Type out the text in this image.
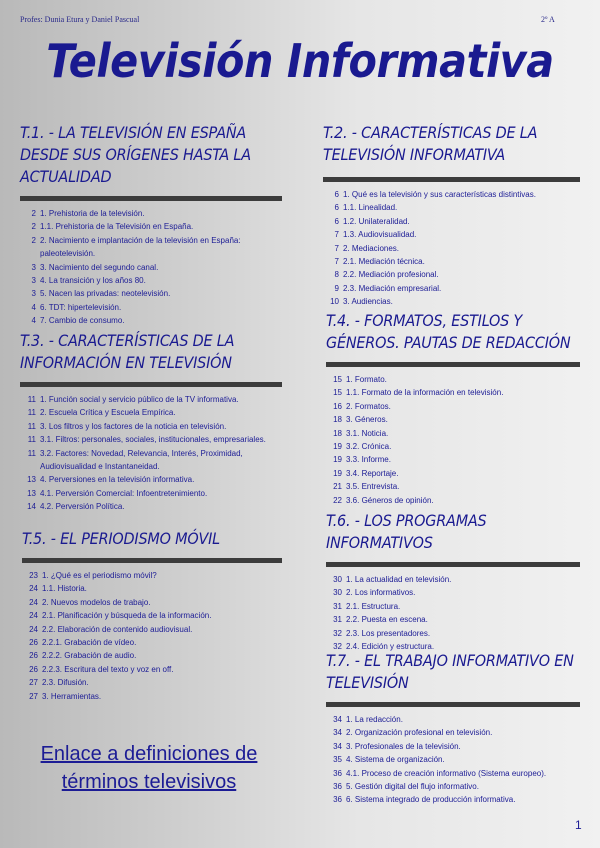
Profes: Dunia Etura y Daniel Pascual	2º A
Televisión Informativa
T.1. - LA TELEVISIÓN EN ESPAÑA DESDE SUS ORÍGENES HASTA LA ACTUALIDAD
2 1. Prehistoria de la televisión.
2 1.1. Prehistoria de la Televisión en España.
2 2. Nacimiento e implantación de la televisión en España: paleotelevisión.
3 3. Nacimiento del segundo canal.
3 4. La transición y los años 80.
3 5. Nacen las privadas: neotelevisión.
4 6. TDT: hipertelevisión.
4 7. Cambio de consumo.
T.2. - CARACTERÍSTICAS DE LA TELEVISIÓN INFORMATIVA
6 1. Qué es la televisión y sus características distintivas.
6 1.1. Linealidad.
6 1.2. Unilateralidad.
7 1.3. Audiovisualidad.
7 2. Mediaciones.
7 2.1. Mediación técnica.
8 2.2. Mediación profesional.
9 2.3. Mediación empresarial.
10 3. Audiencias.
T.3. - CARACTERÍSTICAS DE LA INFORMACIÓN EN TELEVISIÓN
11 1. Función social y servicio público de la TV informativa.
11 2. Escuela Crítica y Escuela Empírica.
11 3. Los filtros y los factores de la noticia en televisión.
11 3.1. Filtros: personales, sociales, institucionales, empresariales.
11 3.2. Factores: Novedad, Relevancia, Interés, Proximidad, Audiovisualidad e Instantaneidad.
13 4. Perversiones en la televisión informativa.
13 4.1. Perversión Comercial: Infoentretenimiento.
14 4.2. Perversión Política.
T.4. - FORMATOS, ESTILOS Y GÉNEROS. PAUTAS DE REDACCIÓN
15 1. Formato.
15 1.1. Formato de la información en televisión.
16 2. Formatos.
18 3. Géneros.
18 3.1. Noticia.
19 3.2. Crónica.
19 3.3. Informe.
19 3.4. Reportaje.
21 3.5. Entrevista.
22 3.6. Géneros de opinión.
T.5. - EL PERIODISMO MÓVIL
23 1. ¿Qué es el periodismo móvil?
24 1.1. Historia.
24 2. Nuevos modelos de trabajo.
24 2.1. Planificación y búsqueda de la información.
24 2.2. Elaboración de contenido audiovisual.
26 2.2.1. Grabación de vídeo.
26 2.2.2. Grabación de audio.
26 2.2.3. Escritura del texto y voz en off.
27 2.3. Difusión.
27 3. Herramientas.
T.6. - LOS PROGRAMAS INFORMATIVOS
30 1. La actualidad en televisión.
30 2. Los informativos.
31 2.1. Estructura.
31 2.2. Puesta en escena.
32 2.3. Los presentadores.
32 2.4. Edición y estructura.
T.7. - EL TRABAJO INFORMATIVO EN TELEVISIÓN
34 1. La redacción.
34 2. Organización profesional en televisión.
34 3. Profesionales de la televisión.
35 4. Sistema de organización.
36 4.1. Proceso de creación informativo (Sistema europeo).
36 5. Gestión digital del flujo informativo.
36 6. Sistema integrado de producción informativa.
Enlace a definiciones de términos televisivos
1
